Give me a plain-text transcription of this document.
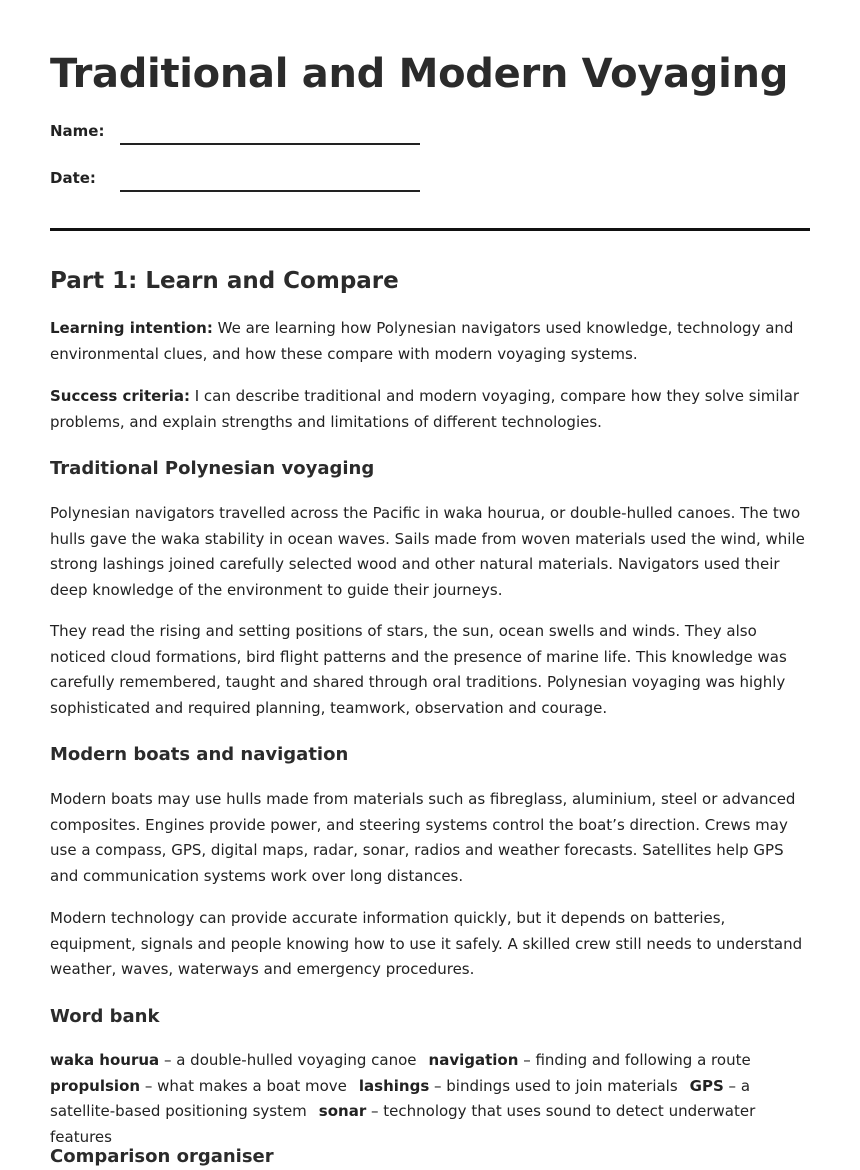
Traditional and Modern Voyaging
Name:
Date:
Part 1: Learn and Compare

Learning intention: We are learning how Polynesian navigators used knowledge, technology and environmental clues, and how these compare with modern voyaging systems.

Success criteria: I can describe traditional and modern voyaging, compare how they solve similar problems, and explain strengths and limitations of different technologies.

Traditional Polynesian voyaging

Polynesian navigators travelled across the Pacific in waka hourua, or double-hulled canoes. The two hulls gave the waka stability in ocean waves. Sails made from woven materials used the wind, while strong lashings joined carefully selected wood and other natural materials. Navigators used their deep knowledge of the environment to guide their journeys.

They read the rising and setting positions of stars, the sun, ocean swells and winds. They also noticed cloud formations, bird flight patterns and the presence of marine life. This knowledge was carefully remembered, taught and shared through oral traditions. Polynesian voyaging was highly sophisticated and required planning, teamwork, observation and courage.

Modern boats and navigation

Modern boats may use hulls made from materials such as fibreglass, aluminium, steel or advanced composites. Engines provide power, and steering systems control the boat’s direction. Crews may use a compass, GPS, digital maps, radar, sonar, radios and weather forecasts. Satellites help GPS and communication systems work over long distances.

Modern technology can provide accurate information quickly, but it depends on batteries, equipment, signals and people knowing how to use it safely. A skilled crew still needs to understand weather, waves, waterways and emergency procedures.

Word bank

waka hourua – a double-hulled voyaging canoe navigation – finding and following a routepropulsion – what makes a boat move lashings – bindings used to join materials GPS – a satellite-based positioning system sonar – technology that uses sound to detect underwater features

Comparison organiser
